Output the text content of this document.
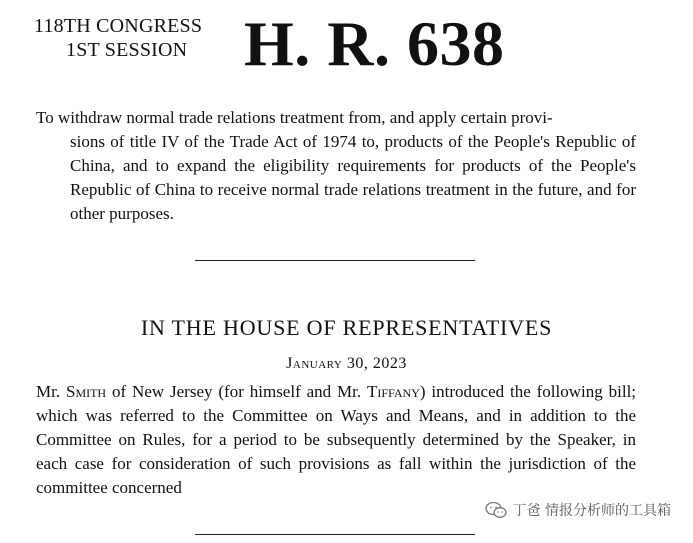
118TH CONGRESS
1ST SESSION H. R. 638
To withdraw normal trade relations treatment from, and apply certain provi-
sions of title IV of the Trade Act of 1974 to, products of the People's Republic of China, and to expand the eligibility requirements for products of the People's Republic of China to receive normal trade relations treatment in the future, and for other purposes.
IN THE HOUSE OF REPRESENTATIVES
January 30, 2023
Mr. Smith of New Jersey (for himself and Mr. Tiffany) introduced the following bill; which was referred to the Committee on Ways and Means, and in addition to the Committee on Rules, for a period to be subsequently determined by the Speaker, in each case for consideration of such provisions as fall within the jurisdiction of the committee concerned
丁爸 情报分析师的工具箱
